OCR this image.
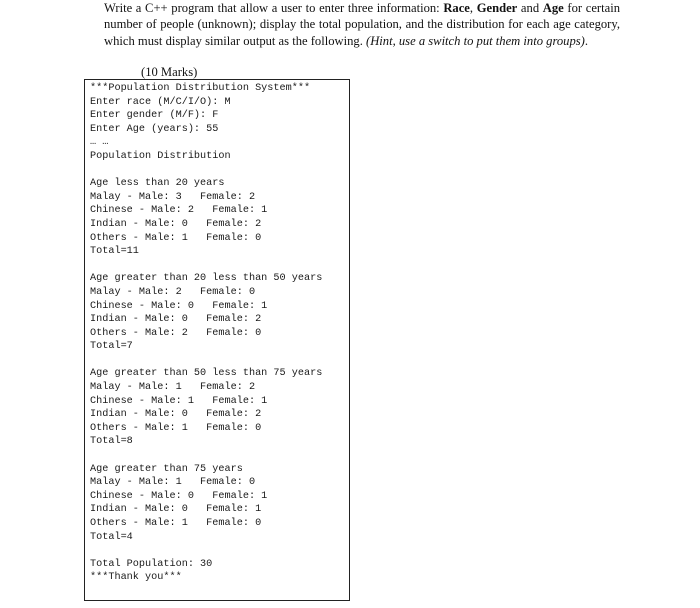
Write a C++ program that allow a user to enter three information: Race, Gender and Age for certain number of people (unknown); display the total population, and the distribution for each age category, which must display similar output as the following. (Hint, use a switch to put them into groups).
(10 Marks)
***Population Distribution System***
Enter race (M/C/I/O): M
Enter gender (M/F): F
Enter Age (years): 55
… …
Population Distribution
Age less than 20 years
Malay - Male: 3   Female: 2
Chinese - Male: 2   Female: 1
Indian - Male: 0   Female: 2
Others - Male: 1   Female: 0
Total=11
Age greater than 20 less than 50 years
Malay - Male: 2   Female: 0
Chinese - Male: 0   Female: 1
Indian - Male: 0   Female: 2
Others - Male: 2   Female: 0
Total=7
Age greater than 50 less than 75 years
Malay - Male: 1   Female: 2
Chinese - Male: 1   Female: 1
Indian - Male: 0   Female: 2
Others - Male: 1   Female: 0
Total=8
Age greater than 75 years
Malay - Male: 1   Female: 0
Chinese - Male: 0   Female: 1
Indian - Male: 0   Female: 1
Others - Male: 1   Female: 0
Total=4
Total Population: 30
***Thank you***
